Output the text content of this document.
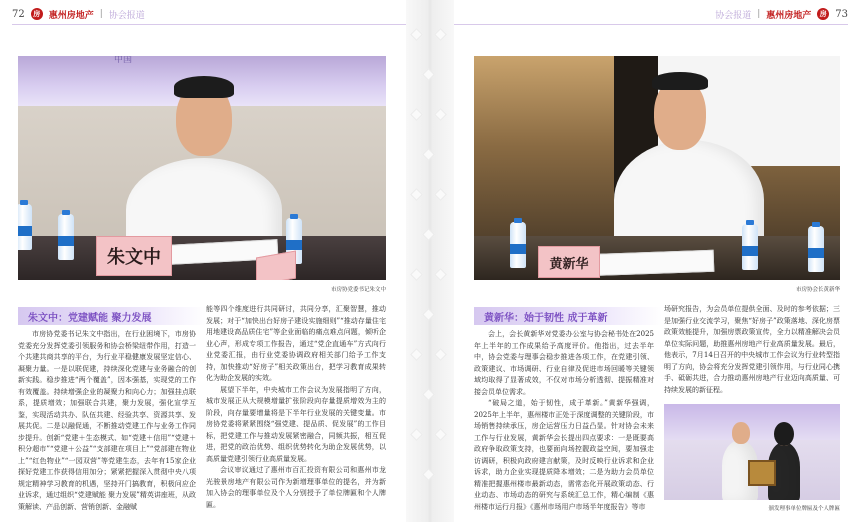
72	房 惠州房地产 | 协会报道
中国
朱文中
市房协党委书记朱文中
朱文中：党建赋能 聚力发展

市房协党委书记朱文中指出，在行业困境下，市房协党委充分发挥党委引领服务和协会桥梁纽带作用，打造一个共建共商共享的平台，为行业平稳健康发展坚定信心、凝聚力量。一是以联促建，持续深化党建与业务融合的创新实践。稳步推进“两个覆盖”，因本强基，实现党的工作有效覆盖。持续增强企业的凝聚力和向心力；加强挂点联系，提质增效；加强联合共建，聚力发展，强化宣学互鉴，实现活动共办、队伍共建、经验共享、资源共享、发展共促。二是以融促通，不断推动党建工作与业务工作同步提升。创新“党建＋生态模式、如“党建＋信用”“党建＋积分超市”“党建＋公益”“支部建在项目上”“党部建在物业上”“红色物业”“一园双营”等党建生态，去年有15家企业探好党建工作获得信用加分；紧紧把握深入贯彻中央八项规定精神学习教育的机遇，坚持开门搞教育，积极问应企业诉求，通过组织“党建赋能 聚力发展”精英讲座班，从政策解读、产品创新、营销创新、金融赋

能等四个维度进行共同研讨，共同分享，汇聚智慧，推动发展；对于“加快出台好房子建设实施细则”“推动存量住宅用地建设高品质住宅”等企业面临的痛点难点问题，倾听企业心声，形成专项工作报告，通过“党企直通车”方式向行业党委汇报，由行业党委协调政府相关部门给予工作支持，加快推动“好房子”相关政策出台，把学习教育成果转化为助企发展的实效。

展望下半年，中央城市工作会议为发展指明了方向，城市发展正从大规模增量扩张阶段向存量提质增效为主的阶段，向存量要增量将是下半年行业发展的关键变量。市房协党委将紧紧围绕“强党建、提品质、促发展”的工作目标，把党建工作与推动发展紧密融合，同频共振，相互促进，把党的政治优势、组织优势转化为助企发展优势，以高质量党建引领行业高质量发展。

会议审议通过了惠州市百汇投资有限公司和惠州市龙光骏景房地产有限公司作为新增理事单位的提名，并为新加入协会的理事单位及个人分别授予了单位牌匾和个人牌匾。

协会报道 | 惠州房地产	房 73
黄新华
市房协会长黄新华
黄新华：始于韧性 成于革新

会上，会长黄新华对党委办公室与协会秘书处在2025年上半年的工作成果给予高度评价。他指出，过去半年中，协会党委与理事会稳步推进各项工作，在党建引领、政策建议、市场调研、行业自律及促进市场回暖等关键领域均取得了显著成效，不仅对市场分析透彻、提振精准对接会员单位需求。

“破局之道，始于韧性，成于革新。”黄新华强调，2025年上半年，惠州楼市正处于深度调整的关键阶段，市场销售持续承压，房企运营压力日益凸显。针对协会未来工作与行业发展，黄新华会长提出四点要求：一是既要高政府争取政策支持，也要面向场控靓政益空间，要加强走访调研，积极向政府建言献策，及时反映行业诉求和企业诉求，助力企业实现提质降本增效；二是为助力会员单位精准把握惠州楼市最新动态，需常态化开展政策动态、行业动态、市场动态的研究与系统汇总工作，精心编制《惠州楼市运行月报》《惠州市场用户市场半年度报告》等市

场研究报告，为会员单位提供全面、及时的参考依据；三是加强行业交流学习，聚焦“好房子”政策落地、深化房票政策效能提升，加强房票政策宣传，全力以精准解决会员单位实际问题，助推惠州房地产行业高质量发展。最后，他表示，7月14日召开的中央城市工作会议为行业转型指明了方向，协会将充分发挥党建引领作用，与行业同心携手、砥砺共进，合力推动惠州房地产行业迈向高质量、可持续发展的新征程。

颁发理事单位牌匾及个人牌匾
